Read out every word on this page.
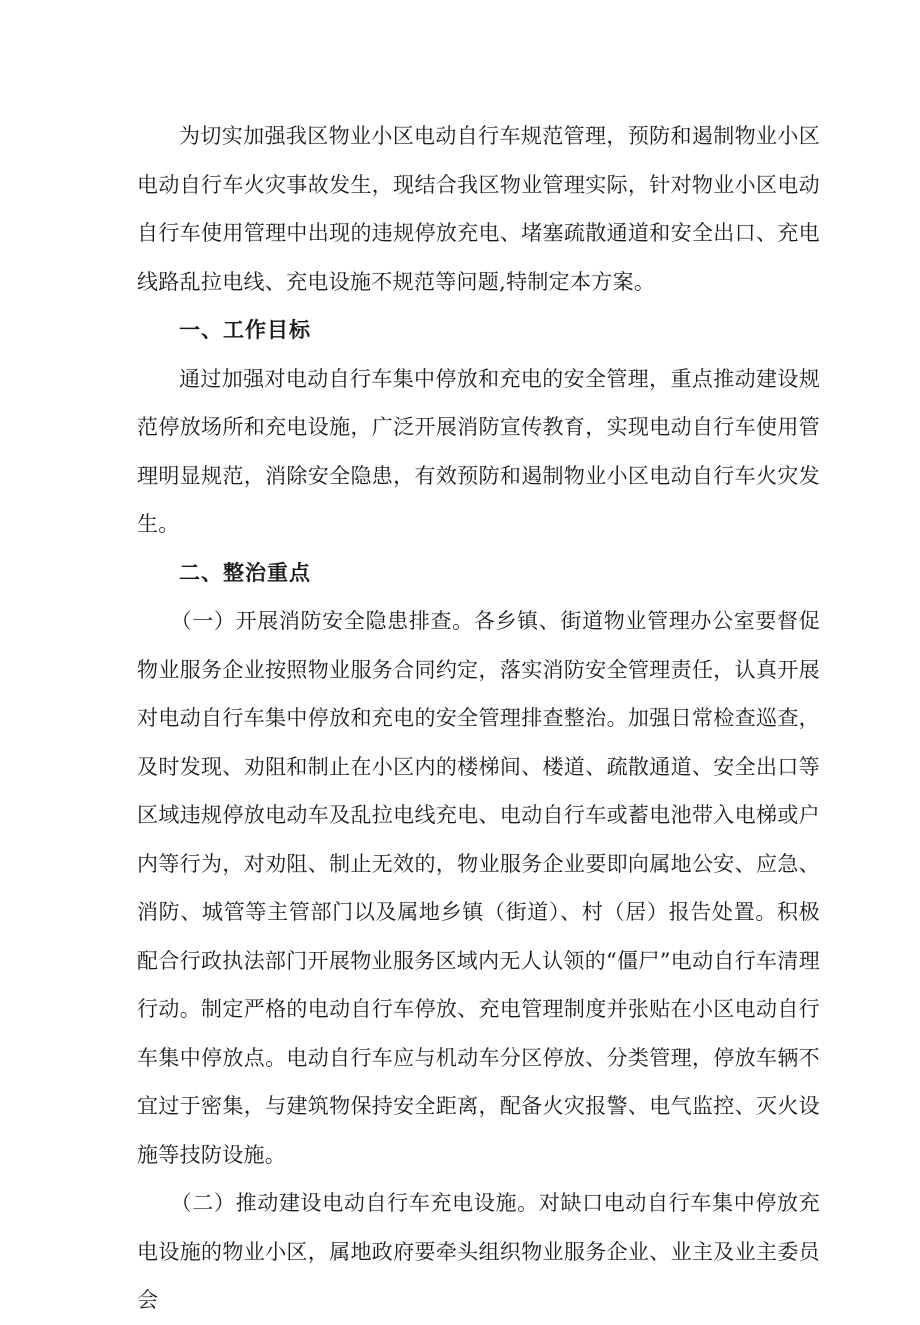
为切实加强我区物业小区电动自行车规范管理，预防和遏制物业小区电动自行车火灾事故发生，现结合我区物业管理实际，针对物业小区电动自行车使用管理中出现的违规停放充电、堵塞疏散通道和安全出口、充电线路乱拉电线、充电设施不规范等问题,特制定本方案。

一、工作目标

通过加强对电动自行车集中停放和充电的安全管理，重点推动建设规范停放场所和充电设施，广泛开展消防宣传教育，实现电动自行车使用管理明显规范，消除安全隐患，有效预防和遏制物业小区电动自行车火灾发生。

二、整治重点

（一）开展消防安全隐患排查。各乡镇、街道物业管理办公室要督促物业服务企业按照物业服务合同约定，落实消防安全管理责任，认真开展对电动自行车集中停放和充电的安全管理排查整治。加强日常检查巡查，及时发现、劝阻和制止在小区内的楼梯间、楼道、疏散通道、安全出口等区域违规停放电动车及乱拉电线充电、电动自行车或蓄电池带入电梯或户内等行为，对劝阻、制止无效的，物业服务企业要即向属地公安、应急、消防、城管等主管部门以及属地乡镇（街道）、村（居）报告处置。积极配合行政执法部门开展物业服务区域内无人认领的“僵尸”电动自行车清理行动。制定严格的电动自行车停放、充电管理制度并张贴在小区电动自行车集中停放点。电动自行车应与机动车分区停放、分类管理，停放车辆不宜过于密集，与建筑物保持安全距离，配备火灾报警、电气监控、灭火设施等技防设施。

（二）推动建设电动自行车充电设施。对缺口电动自行车集中停放充电设施的物业小区，属地政府要牵头组织物业服务企业、业主及业主委员会
